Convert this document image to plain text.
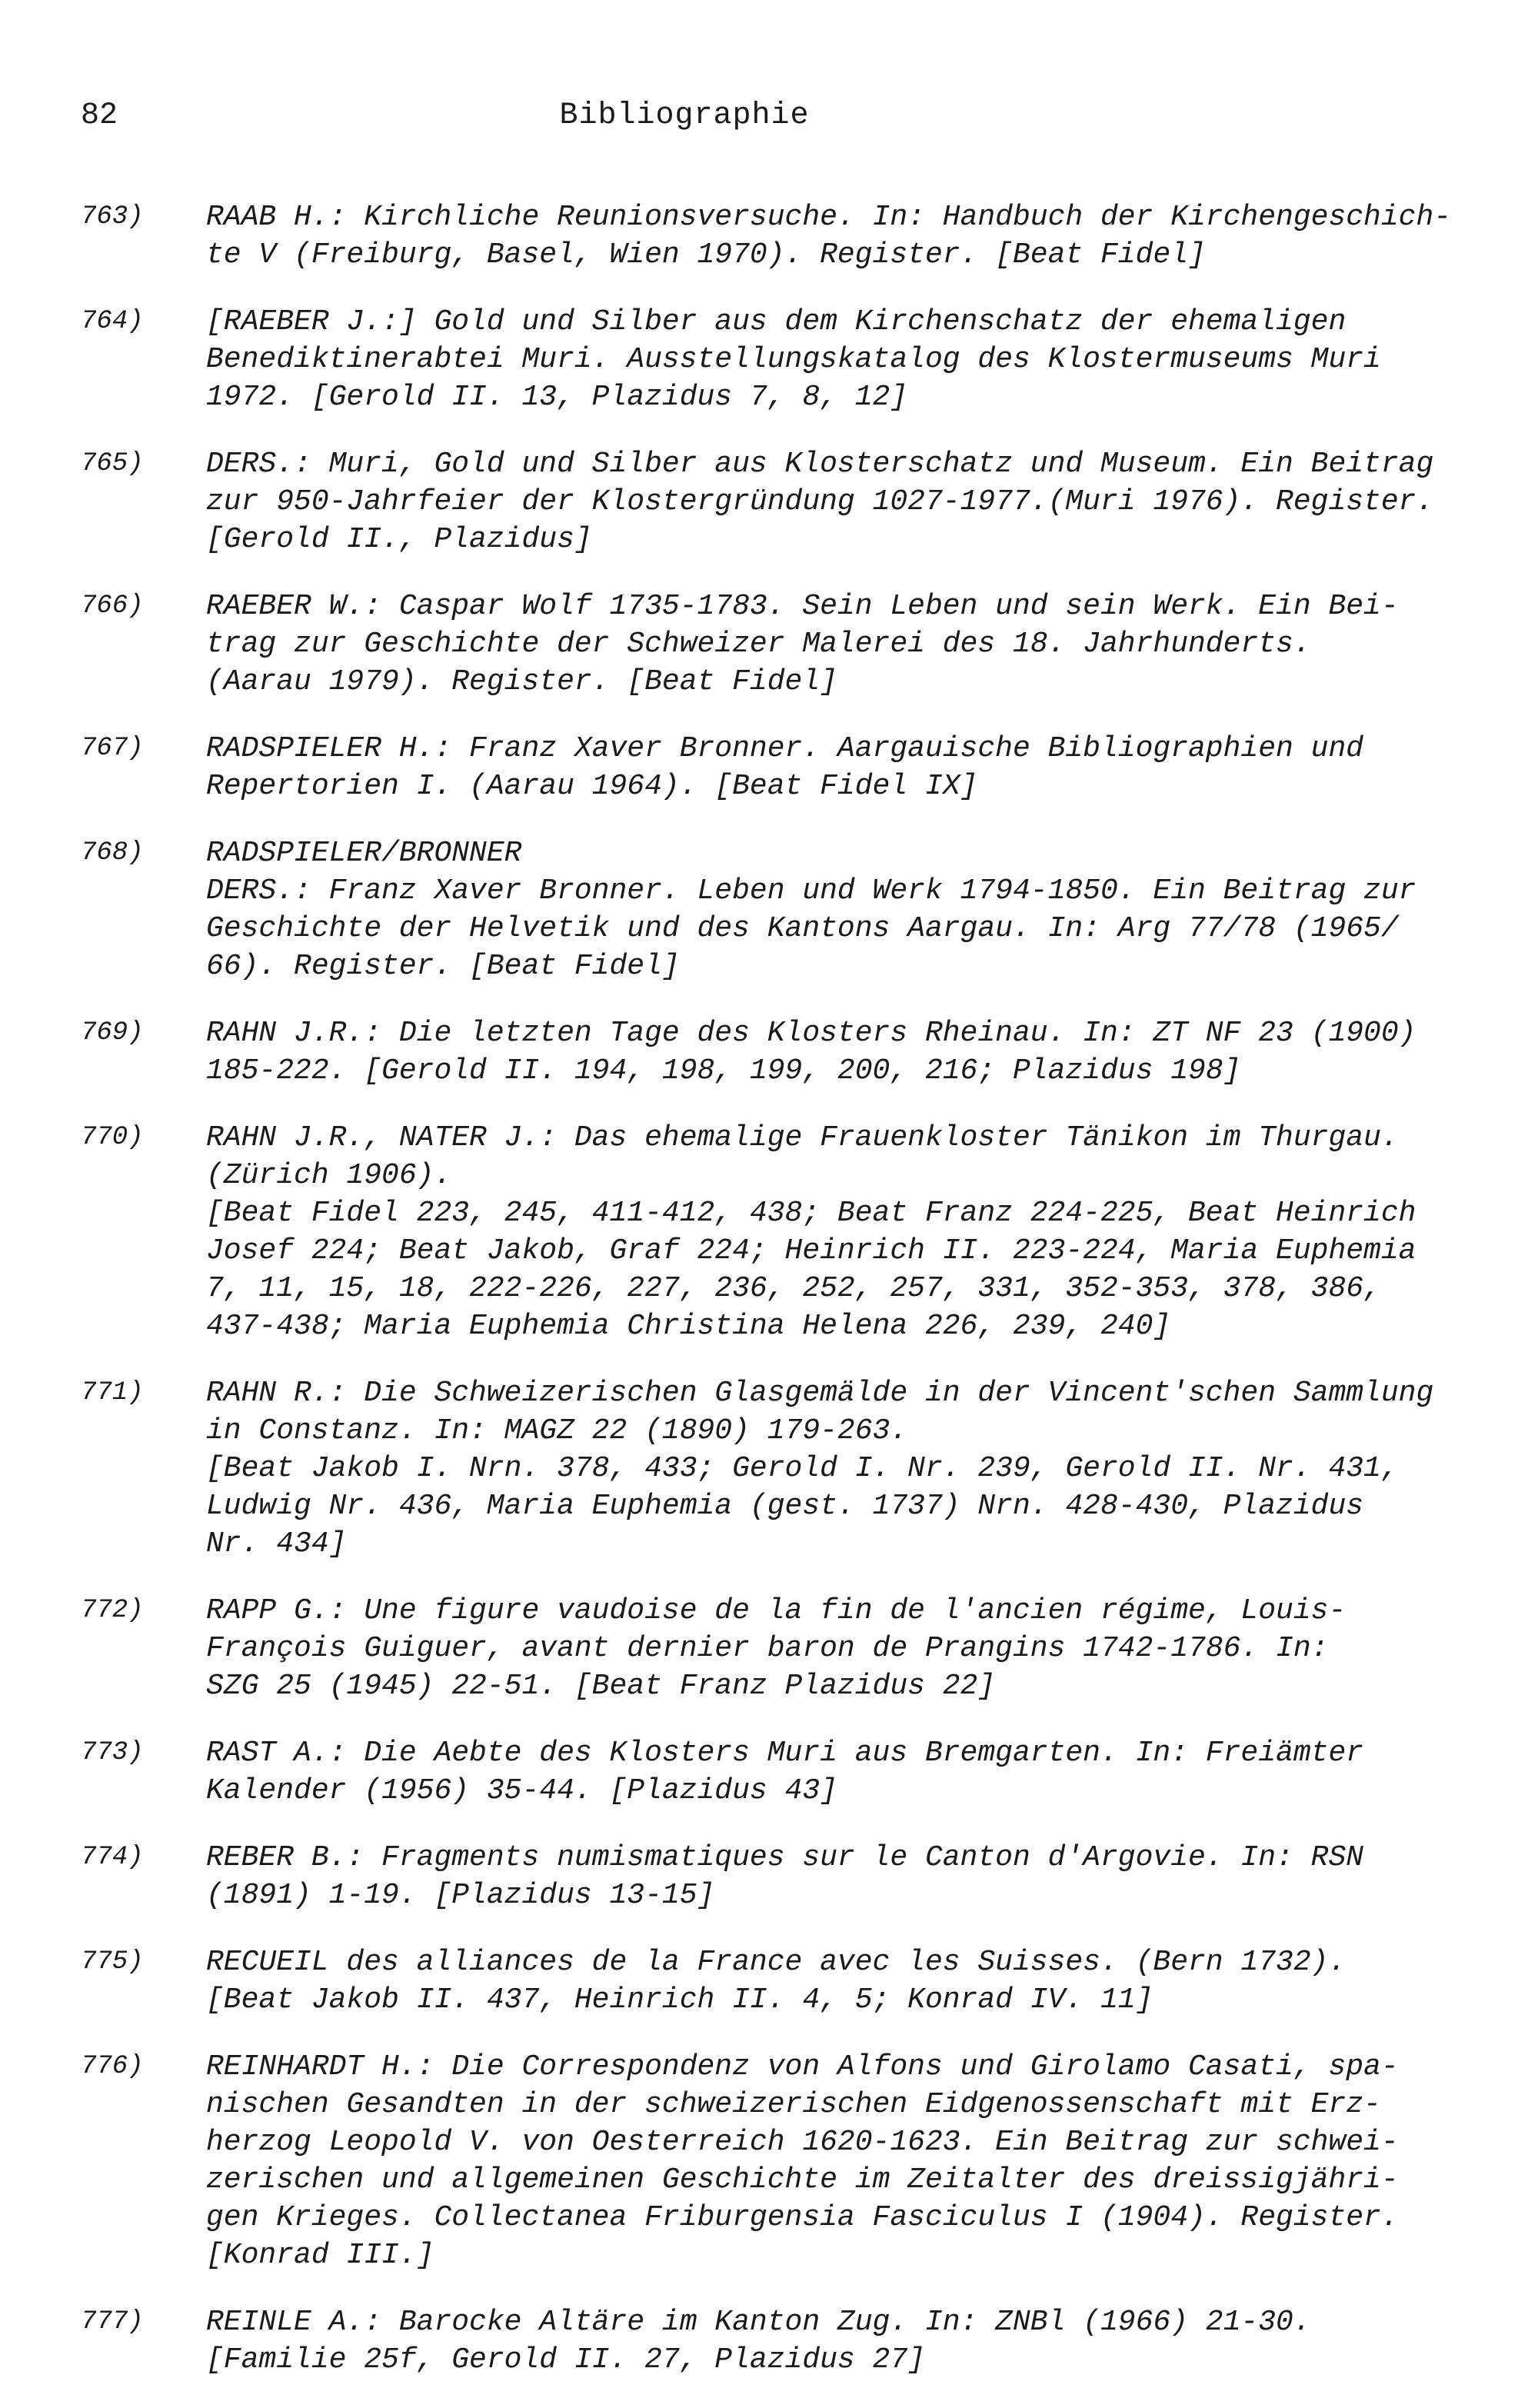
82	Bibliographie
763) RAAB H.: Kirchliche Reunionsversuche. In: Handbuch der Kirchengeschich-
te V (Freiburg, Basel, Wien 1970). Register. [Beat Fidel]
764) [RAEBER J.:] Gold und Silber aus dem Kirchenschatz der ehemaligen
Benediktinerabtei Muri. Ausstellungskatalog des Klostermuseums Muri
1972. [Gerold II. 13, Plazidus 7, 8, 12]
765) DERS.: Muri, Gold und Silber aus Klosterschatz und Museum. Ein Beitrag
zur 950-Jahrfeier der Klostergründung 1027-1977.(Muri 1976). Register.
[Gerold II., Plazidus]
766) RAEBER W.: Caspar Wolf 1735-1783. Sein Leben und sein Werk. Ein Bei-
trag zur Geschichte der Schweizer Malerei des 18. Jahrhunderts.
(Aarau 1979). Register. [Beat Fidel]
767) RADSPIELER H.: Franz Xaver Bronner. Aargauische Bibliographien und
Repertorien I. (Aarau 1964). [Beat Fidel IX]
768) RADSPIELER/BRONNER
DERS.: Franz Xaver Bronner. Leben und Werk 1794-1850. Ein Beitrag zur
Geschichte der Helvetik und des Kantons Aargau. In: Arg 77/78 (1965/
66). Register. [Beat Fidel]
769) RAHN J.R.: Die letzten Tage des Klosters Rheinau. In: ZT NF 23 (1900)
185-222. [Gerold II. 194, 198, 199, 200, 216; Plazidus 198]
770) RAHN J.R., NATER J.: Das ehemalige Frauenkloster Tänikon im Thurgau.
(Zürich 1906).
[Beat Fidel 223, 245, 411-412, 438; Beat Franz 224-225, Beat Heinrich
Josef 224; Beat Jakob, Graf 224; Heinrich II. 223-224, Maria Euphemia
7, 11, 15, 18, 222-226, 227, 236, 252, 257, 331, 352-353, 378, 386,
437-438; Maria Euphemia Christina Helena 226, 239, 240]
771) RAHN R.: Die Schweizerischen Glasgemälde in der Vincent'schen Sammlung
in Constanz. In: MAGZ 22 (1890) 179-263.
[Beat Jakob I. Nrn. 378, 433; Gerold I. Nr. 239, Gerold II. Nr. 431,
Ludwig Nr. 436, Maria Euphemia (gest. 1737) Nrn. 428-430, Plazidus
Nr. 434]
772) RAPP G.: Une figure vaudoise de la fin de l'ancien régime, Louis-
François Guiguer, avant dernier baron de Prangins 1742-1786. In:
SZG 25 (1945) 22-51. [Beat Franz Plazidus 22]
773) RAST A.: Die Aebte des Klosters Muri aus Bremgarten. In: Freiämter
Kalender (1956) 35-44. [Plazidus 43]
774) REBER B.: Fragments numismatiques sur le Canton d'Argovie. In: RSN
(1891) 1-19. [Plazidus 13-15]
775) RECUEIL des alliances de la France avec les Suisses. (Bern 1732).
[Beat Jakob II. 437, Heinrich II. 4, 5; Konrad IV. 11]
776) REINHARDT H.: Die Correspondenz von Alfons und Girolamo Casati, spa-
nischen Gesandten in der schweizerischen Eidgenossenschaft mit Erz-
herzog Leopold V. von Oesterreich 1620-1623. Ein Beitrag zur schwei-
zerischen und allgemeinen Geschichte im Zeitalter des dreissigjähri-
gen Krieges. Collectanea Friburgensia Fasciculus I (1904). Register.
[Konrad III.]
777) REINLE A.: Barocke Altäre im Kanton Zug. In: ZNBl (1966) 21-30.
[Familie 25f, Gerold II. 27, Plazidus 27]
